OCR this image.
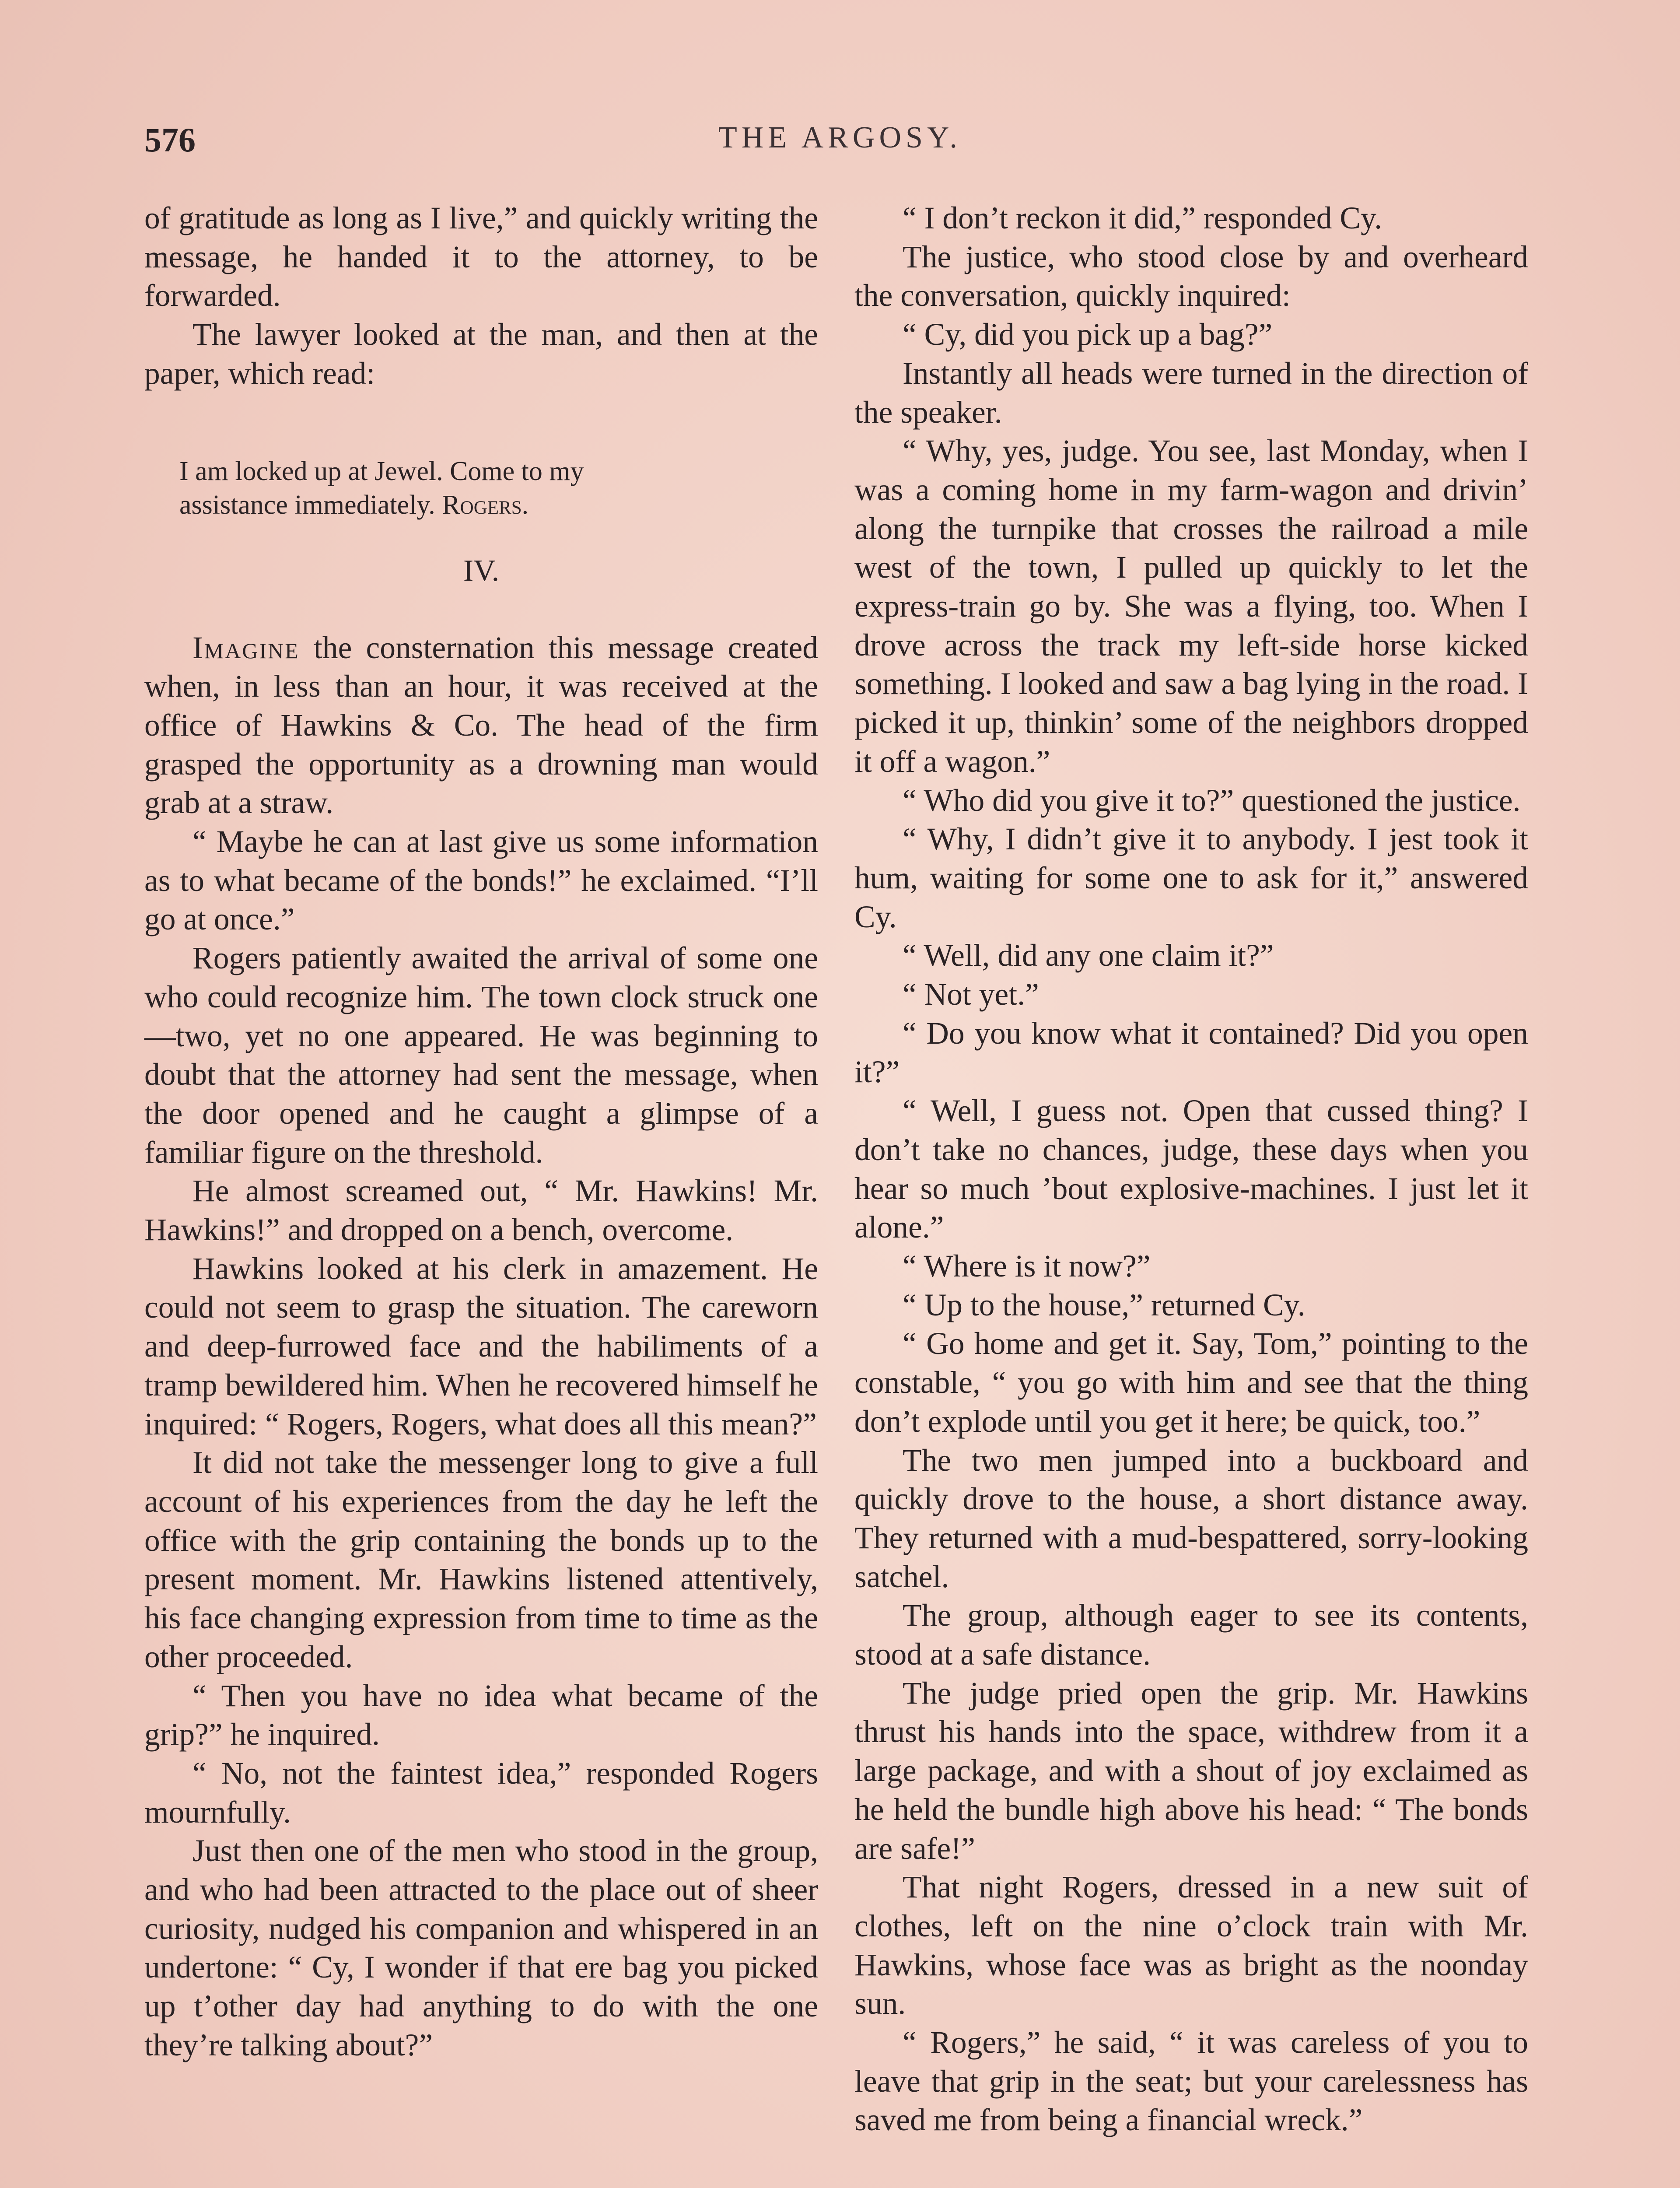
576	THE ARGOSY.

of gratitude as long as I live,” and quickly writing the message, he handed it to the attorney, to be forwarded.

The lawyer looked at the man, and then at the paper, which read:

I am locked up at Jewel. Come to my
assistance immediately. Rogers.
IV.

Imagine the consternation this message created when, in less than an hour, it was received at the office of Hawkins & Co. The head of the firm grasped the opportunity as a drowning man would grab at a straw.

“ Maybe he can at last give us some information as to what became of the bonds!” he exclaimed. “I’ll go at once.”

Rogers patiently awaited the arrival of some one who could recognize him. The town clock struck one—two, yet no one appeared. He was beginning to doubt that the attorney had sent the message, when the door opened and he caught a glimpse of a familiar figure on the threshold.

He almost screamed out, “ Mr. Hawkins! Mr. Hawkins!” and dropped on a bench, overcome.

Hawkins looked at his clerk in amazement. He could not seem to grasp the situation. The careworn and deep-furrowed face and the habiliments of a tramp bewildered him. When he recovered himself he inquired: “ Rogers, Rogers, what does all this mean?”

It did not take the messenger long to give a full account of his experiences from the day he left the office with the grip containing the bonds up to the present moment. Mr. Hawkins listened attentively, his face changing expression from time to time as the other proceeded.

“ Then you have no idea what became of the grip?” he inquired.

“ No, not the faintest idea,” responded Rogers mournfully.

Just then one of the men who stood in the group, and who had been attracted to the place out of sheer curiosity, nudged his companion and whispered in an undertone: “ Cy, I wonder if that ere bag you picked up t’other day had anything to do with the one they’re talking about?”

“ I don’t reckon it did,” responded Cy.

The justice, who stood close by and overheard the conversation, quickly inquired:

“ Cy, did you pick up a bag?”

Instantly all heads were turned in the direction of the speaker.

“ Why, yes, judge. You see, last Monday, when I was a coming home in my farm-wagon and drivin’ along the turnpike that crosses the railroad a mile west of the town, I pulled up quickly to let the express-train go by. She was a flying, too. When I drove across the track my left-side horse kicked something. I looked and saw a bag lying in the road. I picked it up, thinkin’ some of the neighbors dropped it off a wagon.”

“ Who did you give it to?” questioned the justice.

“ Why, I didn’t give it to anybody. I jest took it hum, waiting for some one to ask for it,” answered Cy.

“ Well, did any one claim it?”

“ Not yet.”

“ Do you know what it contained? Did you open it?”

“ Well, I guess not. Open that cussed thing? I don’t take no chances, judge, these days when you hear so much ’bout explosive-machines. I just let it alone.”

“ Where is it now?”

“ Up to the house,” returned Cy.

“ Go home and get it. Say, Tom,” pointing to the constable, “ you go with him and see that the thing don’t explode until you get it here; be quick, too.”

The two men jumped into a buckboard and quickly drove to the house, a short distance away. They returned with a mud-bespattered, sorry-looking satchel.

The group, although eager to see its contents, stood at a safe distance.

The judge pried open the grip. Mr. Hawkins thrust his hands into the space, withdrew from it a large package, and with a shout of joy exclaimed as he held the bundle high above his head: “ The bonds are safe!”

That night Rogers, dressed in a new suit of clothes, left on the nine o’clock train with Mr. Hawkins, whose face was as bright as the noonday sun.

“ Rogers,” he said, “ it was careless of you to leave that grip in the seat; but your carelessness has saved me from being a financial wreck.”
